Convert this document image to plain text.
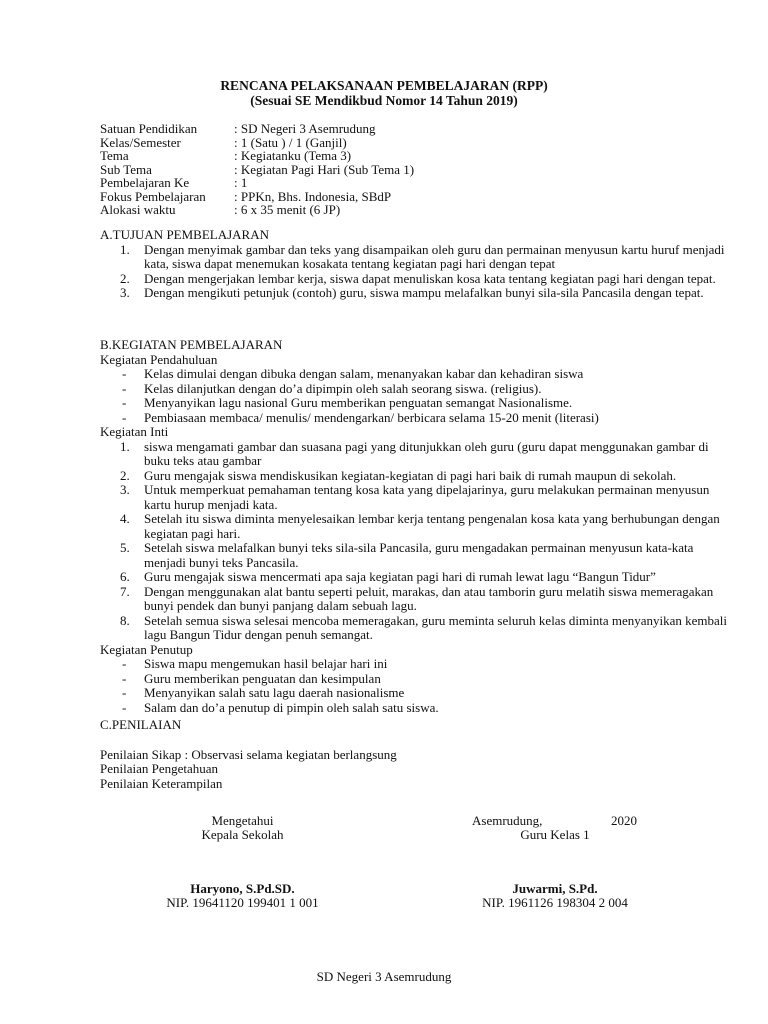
RENCANA PELAKSANAAN PEMBELAJARAN (RPP)
(Sesuai SE Mendikbud Nomor 14 Tahun 2019)
Satuan Pendidikan	: SD Negeri 3 Asemrudung
Kelas/Semester	: 1 (Satu ) / 1 (Ganjil)
Tema	: Kegiatanku (Tema 3)
Sub Tema	: Kegiatan Pagi Hari (Sub Tema 1)
Pembelajaran Ke	: 1
Fokus Pembelajaran	: PPKn, Bhs. Indonesia, SBdP
Alokasi waktu	: 6 x 35 menit (6 JP)
A.TUJUAN PEMBELAJARAN
1. Dengan menyimak gambar dan teks yang disampaikan oleh guru dan permainan menyusun kartu huruf menjadi kata, siswa dapat menemukan kosakata tentang kegiatan pagi hari dengan tepat
2. Dengan mengerjakan lembar kerja, siswa dapat menuliskan kosa kata tentang kegiatan pagi hari dengan tepat.
3. Dengan mengikuti petunjuk (contoh) guru, siswa mampu melafalkan bunyi sila-sila Pancasila dengan tepat.
B.KEGIATAN PEMBELAJARAN
Kegiatan Pendahuluan
- Kelas dimulai dengan dibuka dengan salam, menanyakan kabar dan kehadiran siswa
- Kelas dilanjutkan dengan do’a dipimpin oleh salah seorang siswa. (religius).
- Menyanyikan lagu nasional Guru memberikan penguatan semangat Nasionalisme.
- Pembiasaan membaca/ menulis/ mendengarkan/ berbicara selama 15-20 menit (literasi)
Kegiatan Inti
1. siswa mengamati gambar dan suasana pagi yang ditunjukkan oleh guru (guru dapat menggunakan gambar di buku teks atau gambar
2. Guru mengajak siswa mendiskusikan kegiatan-kegiatan di pagi hari baik di rumah maupun di sekolah.
3. Untuk memperkuat pemahaman tentang kosa kata yang dipelajarinya, guru melakukan permainan menyusun kartu hurup menjadi kata.
4. Setelah itu siswa diminta menyelesaikan lembar kerja tentang pengenalan kosa kata yang berhubungan dengan kegiatan pagi hari.
5. Setelah siswa melafalkan bunyi teks sila-sila Pancasila, guru mengadakan permainan menyusun kata-kata menjadi bunyi teks Pancasila.
6. Guru mengajak siswa mencermati apa saja kegiatan pagi hari di rumah lewat lagu “Bangun Tidur”
7. Dengan menggunakan alat bantu seperti peluit, marakas, dan atau tamborin guru melatih siswa memeragakan bunyi pendek dan bunyi panjang dalam sebuah lagu.
8. Setelah semua siswa selesai mencoba memeragakan, guru meminta seluruh kelas diminta menyanyikan kembali lagu Bangun Tidur dengan penuh semangat.
Kegiatan Penutup
- Siswa mapu mengemukan hasil belajar hari ini
- Guru memberikan penguatan dan kesimpulan
- Menyanyikan salah satu lagu daerah nasionalisme
- Salam dan do’a penutup di pimpin oleh salah satu siswa.
C.PENILAIAN
Penilaian Sikap : Observasi selama kegiatan berlangsung
Penilaian Pengetahuan
Penilaian Keterampilan
Mengetahui
Kepala Sekolah
Haryono, S.Pd.SD.
NIP. 19641120 199401 1 001
Asemrudung,	2020
Guru Kelas 1
Juwarmi, S.Pd.
NIP. 1961126 198304 2 004
SD Negeri 3 Asemrudung
